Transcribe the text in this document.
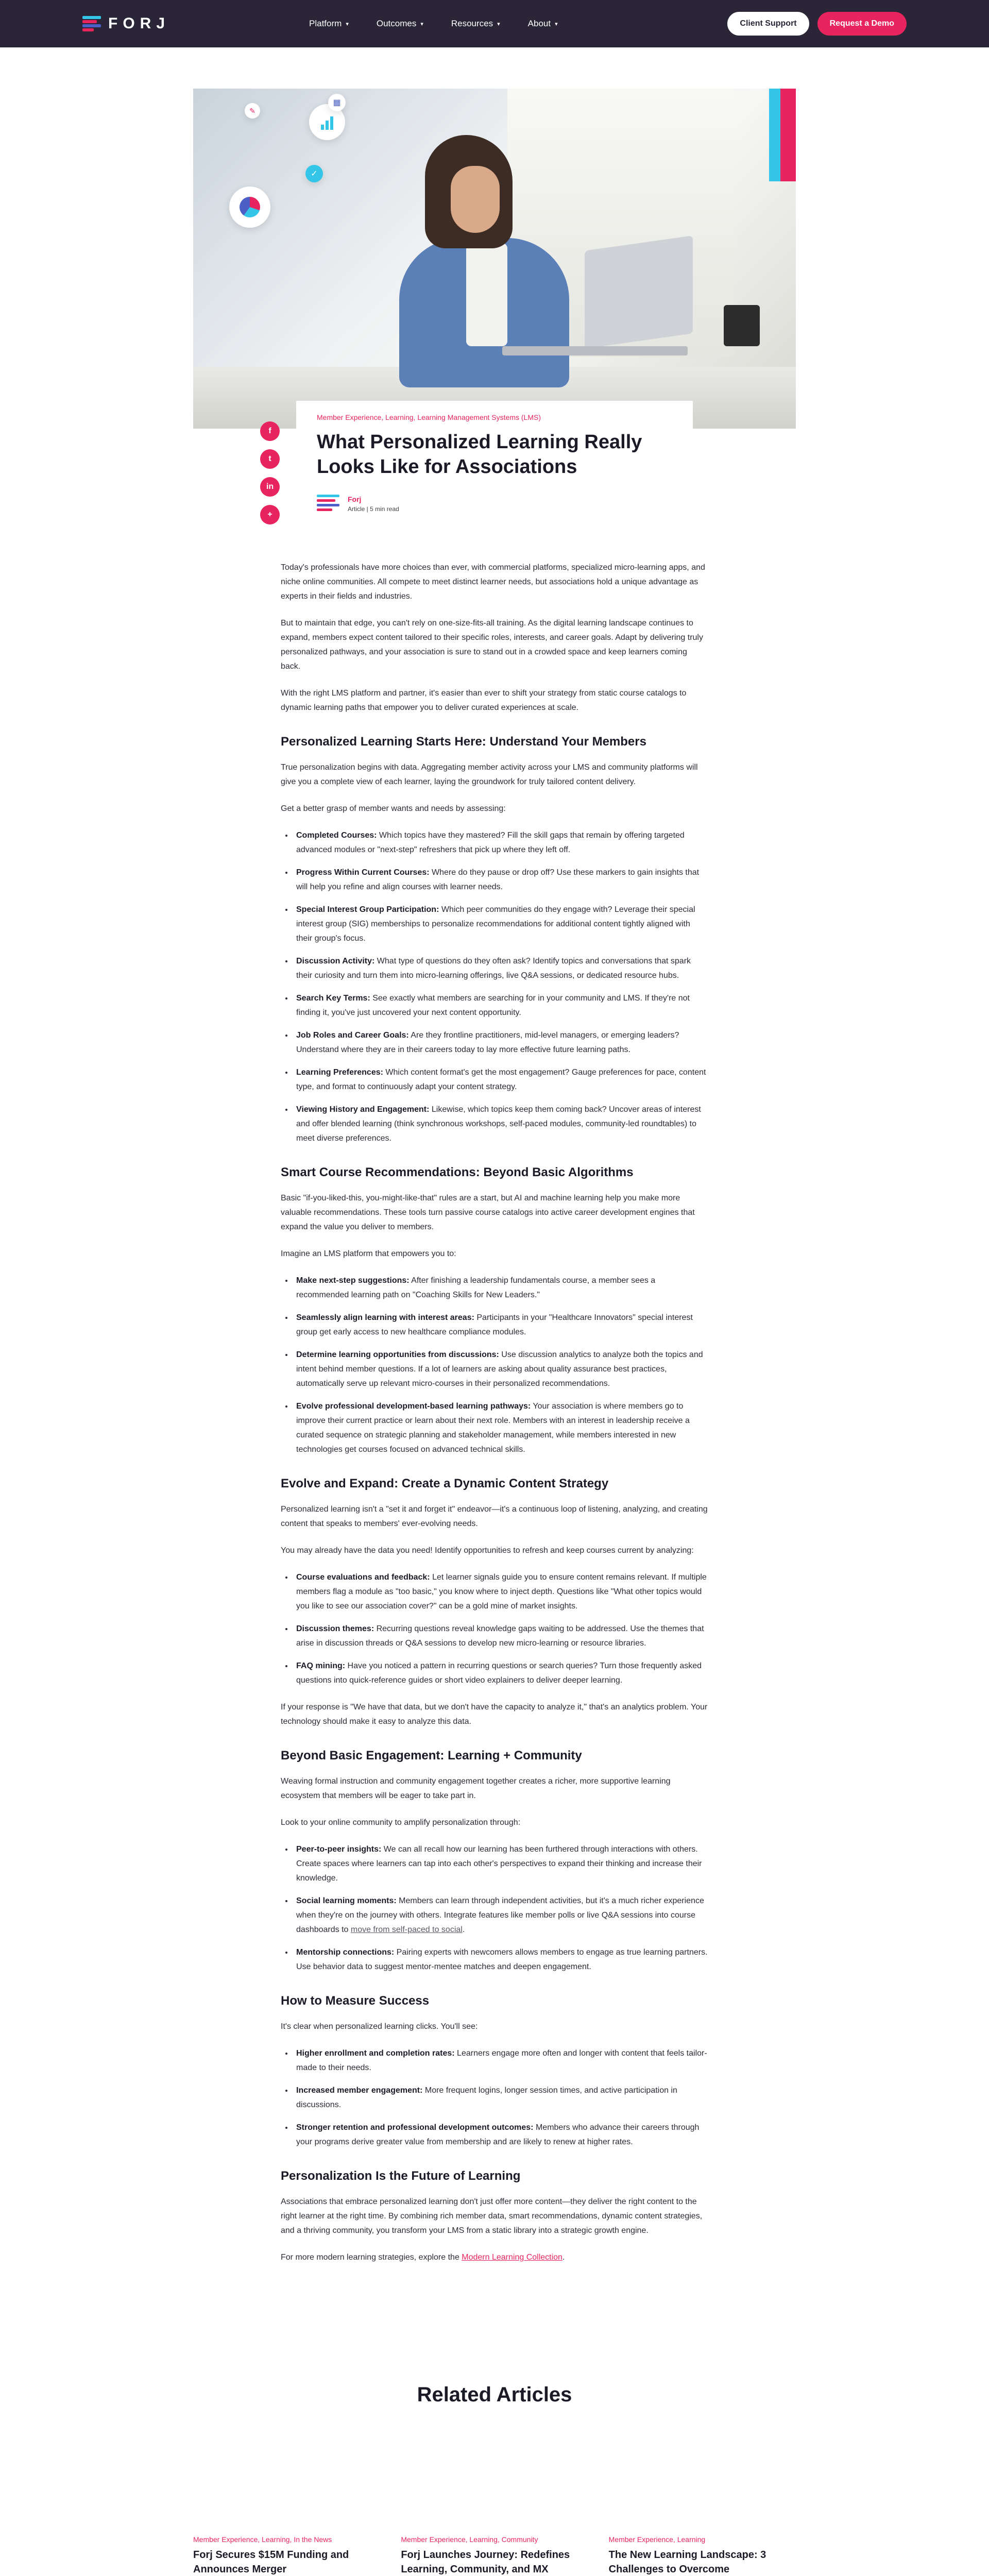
FORJ	Platform ▾	Outcomes ▾	Resources ▾	About ▾	Client Support	Request a Demo
✎
✓
▦
f
t
in
+
Member Experience, Learning, Learning Management Systems (LMS)
What Personalized Learning Really Looks Like for Associations
Forj
Article | 5 min read

Today's professionals have more choices than ever, with commercial platforms, specialized micro-learning apps, and niche online communities. All compete to meet distinct learner needs, but associations hold a unique advantage as experts in their fields and industries.

But to maintain that edge, you can't rely on one-size-fits-all training. As the digital learning landscape continues to expand, members expect content tailored to their specific roles, interests, and career goals. Adapt by delivering truly personalized pathways, and your association is sure to stand out in a crowded space and keep learners coming back.

With the right LMS platform and partner, it's easier than ever to shift your strategy from static course catalogs to dynamic learning paths that empower you to deliver curated experiences at scale.

Personalized Learning Starts Here: Understand Your Members

True personalization begins with data. Aggregating member activity across your LMS and community platforms will give you a complete view of each learner, laying the groundwork for truly tailored content delivery.

Get a better grasp of member wants and needs by assessing:

• Completed Courses: Which topics have they mastered? Fill the skill gaps that remain by offering targeted advanced modules or "next-step" refreshers that pick up where they left off.
• Progress Within Current Courses: Where do they pause or drop off? Use these markers to gain insights that will help you refine and align courses with learner needs.
• Special Interest Group Participation: Which peer communities do they engage with? Leverage their special interest group (SIG) memberships to personalize recommendations for additional content tightly aligned with their group's focus.
• Discussion Activity: What type of questions do they often ask? Identify topics and conversations that spark their curiosity and turn them into micro-learning offerings, live Q&A sessions, or dedicated resource hubs.
• Search Key Terms: See exactly what members are searching for in your community and LMS. If they're not finding it, you've just uncovered your next content opportunity.
• Job Roles and Career Goals: Are they frontline practitioners, mid-level managers, or emerging leaders? Understand where they are in their careers today to lay more effective future learning paths.
• Learning Preferences: Which content format's get the most engagement? Gauge preferences for pace, content type, and format to continuously adapt your content strategy.
• Viewing History and Engagement: Likewise, which topics keep them coming back? Uncover areas of interest and offer blended learning (think synchronous workshops, self-paced modules, community-led roundtables) to meet diverse preferences.
Smart Course Recommendations: Beyond Basic Algorithms

Basic "if-you-liked-this, you-might-like-that" rules are a start, but AI and machine learning help you make more valuable recommendations. These tools turn passive course catalogs into active career development engines that expand the value you deliver to members.

Imagine an LMS platform that empowers you to:

• Make next-step suggestions: After finishing a leadership fundamentals course, a member sees a recommended learning path on "Coaching Skills for New Leaders."
• Seamlessly align learning with interest areas: Participants in your "Healthcare Innovators" special interest group get early access to new healthcare compliance modules.
• Determine learning opportunities from discussions: Use discussion analytics to analyze both the topics and intent behind member questions. If a lot of learners are asking about quality assurance best practices, automatically serve up relevant micro-courses in their personalized recommendations.
• Evolve professional development-based learning pathways: Your association is where members go to improve their current practice or learn about their next role. Members with an interest in leadership receive a curated sequence on strategic planning and stakeholder management, while members interested in new technologies get courses focused on advanced technical skills.
Evolve and Expand: Create a Dynamic Content Strategy

Personalized learning isn't a "set it and forget it" endeavor—it's a continuous loop of listening, analyzing, and creating content that speaks to members' ever-evolving needs.

You may already have the data you need! Identify opportunities to refresh and keep courses current by analyzing:

• Course evaluations and feedback: Let learner signals guide you to ensure content remains relevant. If multiple members flag a module as "too basic," you know where to inject depth. Questions like "What other topics would you like to see our association cover?" can be a gold mine of market insights.
• Discussion themes: Recurring questions reveal knowledge gaps waiting to be addressed. Use the themes that arise in discussion threads or Q&A sessions to develop new micro-learning or resource libraries.
• FAQ mining: Have you noticed a pattern in recurring questions or search queries? Turn those frequently asked questions into quick-reference guides or short video explainers to deliver deeper learning.

If your response is "We have that data, but we don't have the capacity to analyze it," that's an analytics problem. Your technology should make it easy to analyze this data.

Beyond Basic Engagement: Learning + Community

Weaving formal instruction and community engagement together creates a richer, more supportive learning ecosystem that members will be eager to take part in.

Look to your online community to amplify personalization through:

• Peer-to-peer insights: We can all recall how our learning has been furthered through interactions with others. Create spaces where learners can tap into each other's perspectives to expand their thinking and increase their knowledge.
• Social learning moments: Members can learn through independent activities, but it's a much richer experience when they're on the journey with others. Integrate features like member polls or live Q&A sessions into course dashboards to move from self-paced to social.
• Mentorship connections: Pairing experts with newcomers allows members to engage as true learning partners. Use behavior data to suggest mentor-mentee matches and deepen engagement.
How to Measure Success

It's clear when personalized learning clicks. You'll see:

• Higher enrollment and completion rates: Learners engage more often and longer with content that feels tailor-made to their needs.
• Increased member engagement: More frequent logins, longer session times, and active participation in discussions.
• Stronger retention and professional development outcomes: Members who advance their careers through your programs derive greater value from membership and are likely to renew at higher rates.
Personalization Is the Future of Learning

Associations that embrace personalized learning don't just offer more content—they deliver the right content to the right learner at the right time. By combining rich member data, smart recommendations, dynamic content strategies, and a thriving community, you transform your LMS from a static library into a strategic growth engine.

For more modern learning strategies, explore the Modern Learning Collection.

Related Articles
Member Experience, Learning, In the News
Forj Secures $15M Funding and Announces Merger
Member Experience, Learning, Community
Forj Launches Journey: Redefines Learning, Community, and MX
Member Experience, Learning
The New Learning Landscape: 3 Challenges to Overcome
